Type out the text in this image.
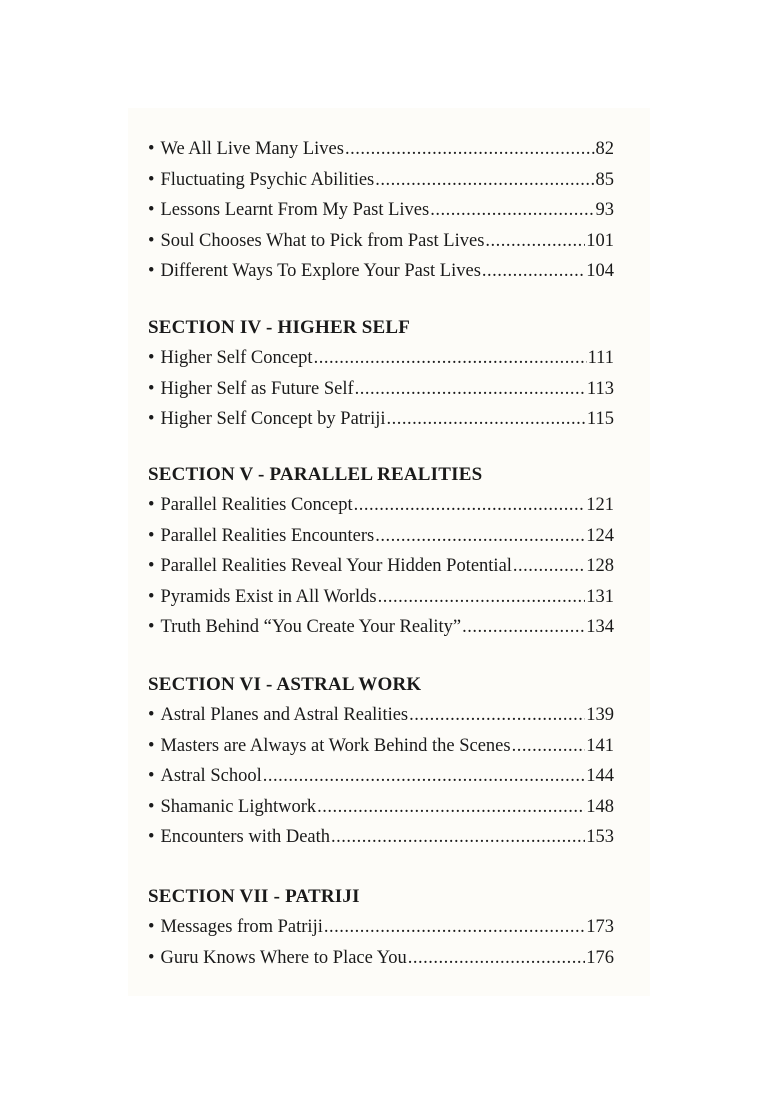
• We All Live Many Lives .....	82
• Fluctuating Psychic Abilities .....	85
• Lessons Learnt From My Past Lives .....	93
• Soul Chooses What to Pick from Past Lives .....	101
• Different Ways To Explore Your Past Lives .....	104
SECTION IV - HIGHER SELF
• Higher Self Concept .....	111
• Higher Self as Future Self .....	113
• Higher Self Concept by Patriji .....	115
SECTION V - PARALLEL REALITIES
• Parallel Realities Concept .....	121
• Parallel Realities Encounters .....	124
• Parallel Realities Reveal Your Hidden Potential .....	128
• Pyramids Exist in All Worlds .....	131
• Truth Behind “You Create Your Reality” .....	134
SECTION VI - ASTRAL WORK
• Astral Planes and Astral Realities .....	139
• Masters are Always at Work Behind the Scenes .....	141
• Astral School .....	144
• Shamanic Lightwork .....	148
• Encounters with Death .....	153
SECTION VII - PATRIJI
• Messages from Patriji .....	173
• Guru Knows Where to Place You .....	176
